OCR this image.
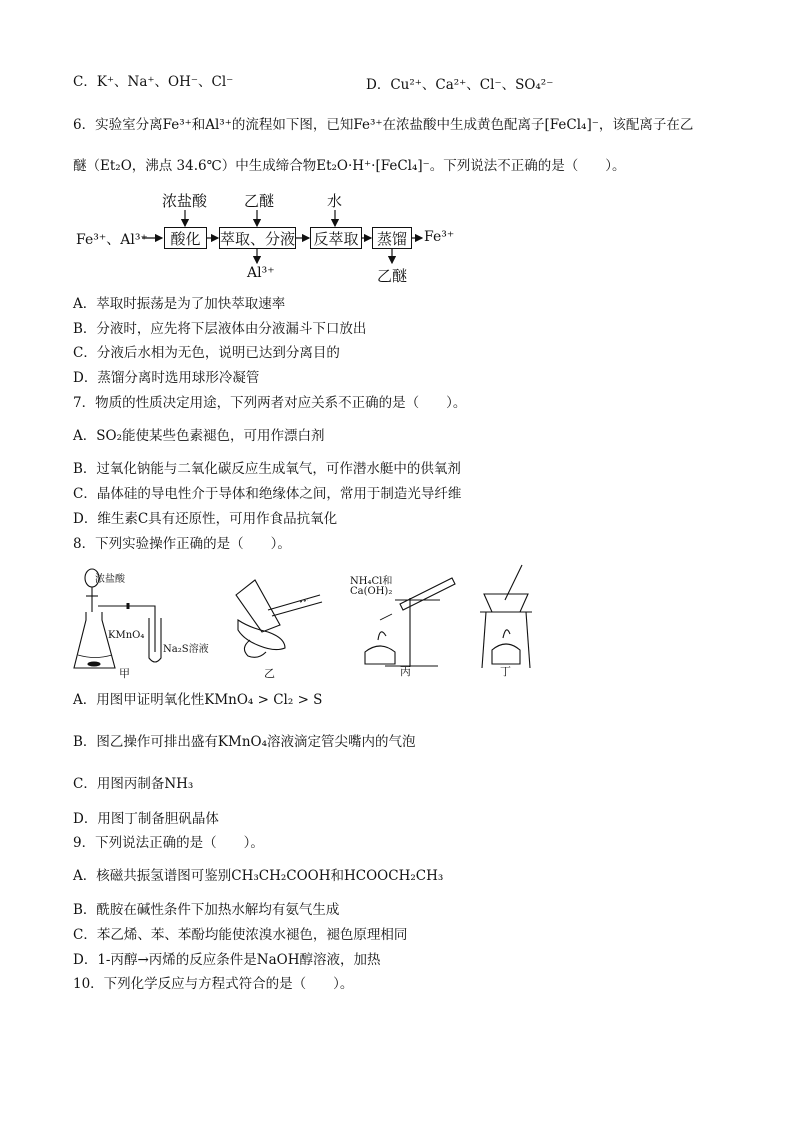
C．K⁺、Na⁺、OH⁻、Cl⁻	D．Cu²⁺、Ca²⁺、Cl⁻、SO₄²⁻
6．实验室分离Fe³⁺和Al³⁺的流程如下图，已知Fe³⁺在浓盐酸中生成黄色配离子[FeCl₄]⁻，该配离子在乙
醚（Et₂O，沸点 34.6℃）中生成缔合物Et₂O·H⁺·[FeCl₄]⁻。下列说法不正确的是（　　）。
Fe³⁺、Al³⁺
浓盐酸 乙醚	水
酸化	萃取、分液 反萃取	蒸馏	Fe³⁺
Al³⁺	乙醚
A．萃取时振荡是为了加快萃取速率
B．分液时，应先将下层液体由分液漏斗下口放出
C．分液后水相为无色，说明已达到分离目的
D．蒸馏分离时选用球形冷凝管
7．物质的性质决定用途，下列两者对应关系不正确的是（　　）。
A．SO₂能使某些色素褪色，可用作漂白剂
B．过氧化钠能与二氧化碳反应生成氧气，可作潜水艇中的供氧剂
C．晶体硅的导电性介于导体和绝缘体之间，常用于制造光导纤维
D．维生素C具有还原性，可用作食品抗氧化
8．下列实验操作正确的是（　　）。
浓盐酸
KMnO₄
Na₂S溶液
NH₄Cl和
Ca(OH)₂
甲	乙	丙	丁
A．用图甲证明氧化性KMnO₄ > Cl₂ > S
B．图乙操作可排出盛有KMnO₄溶液滴定管尖嘴内的气泡
C．用图丙制备NH₃
D．用图丁制备胆矾晶体
9．下列说法正确的是（　　）。
A．核磁共振氢谱图可鉴别CH₃CH₂COOH和HCOOCH₂CH₃
B．酰胺在碱性条件下加热水解均有氨气生成
C．苯乙烯、苯、苯酚均能使浓溴水褪色，褪色原理相同
D．1-丙醇→丙烯的反应条件是NaOH醇溶液，加热
10．下列化学反应与方程式符合的是（　　）。
